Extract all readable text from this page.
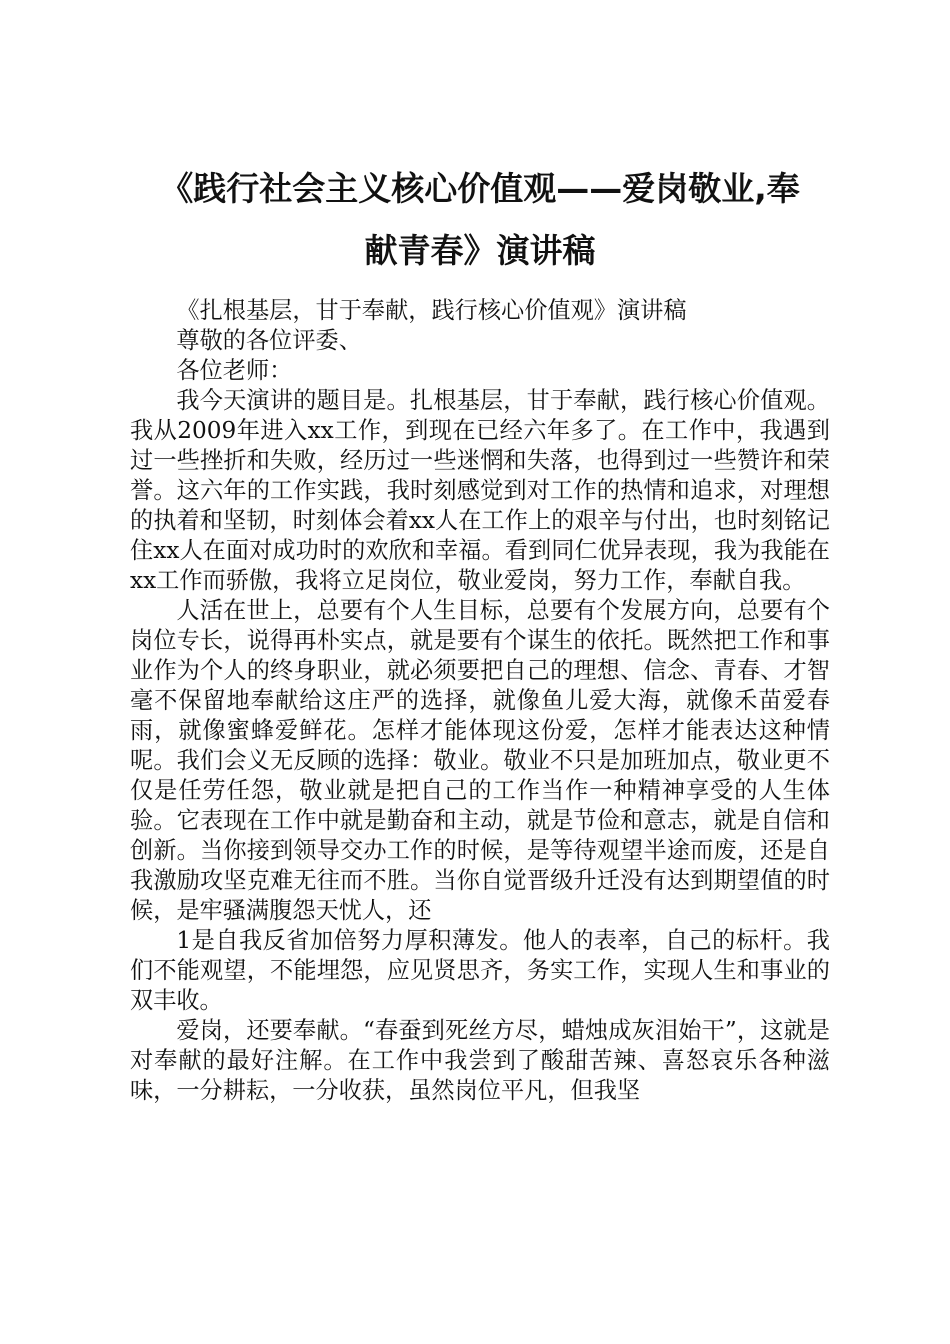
《践行社会主义核心价值观——爱岗敬业,奉
献青春》演讲稿

《扎根基层，甘于奉献，践行核心价值观》演讲稿

尊敬的各位评委、

各位老师：

我今天演讲的题目是。扎根基层，甘于奉献，践行核心价值观。我从2009年进入xx工作，到现在已经六年多了。在工作中，我遇到过一些挫折和失败，经历过一些迷惘和失落，也得到过一些赞许和荣誉。这六年的工作实践，我时刻感觉到对工作的热情和追求，对理想的执着和坚韧，时刻体会着xx人在工作上的艰辛与付出，也时刻铭记住xx人在面对成功时的欢欣和幸福。看到同仁优异表现，我为我能在xx工作而骄傲，我将立足岗位，敬业爱岗，努力工作，奉献自我。

人活在世上，总要有个人生目标，总要有个发展方向，总要有个岗位专长，说得再朴实点，就是要有个谋生的依托。既然把工作和事业作为个人的终身职业，就必须要把自己的理想、信念、青春、才智毫不保留地奉献给这庄严的选择，就像鱼儿爱大海，就像禾苗爱春雨，就像蜜蜂爱鲜花。怎样才能体现这份爱，怎样才能表达这种情呢。我们会义无反顾的选择：敬业。敬业不只是加班加点，敬业更不仅是任劳任怨，敬业就是把自己的工作当作一种精神享受的人生体验。它表现在工作中就是勤奋和主动，就是节俭和意志，就是自信和创新。当你接到领导交办工作的时候，是等待观望半途而废，还是自我激励攻坚克难无往而不胜。当你自觉晋级升迁没有达到期望值的时候，是牢骚满腹怨天忧人，还

1是自我反省加倍努力厚积薄发。他人的表率，自己的标杆。我们不能观望，不能埋怨，应见贤思齐，务实工作，实现人生和事业的双丰收。

爱岗，还要奉献。“春蚕到死丝方尽，蜡烛成灰泪始干”，这就是对奉献的最好注解。在工作中我尝到了酸甜苦辣、喜怒哀乐各种滋味，一分耕耘，一分收获，虽然岗位平凡，但我坚
